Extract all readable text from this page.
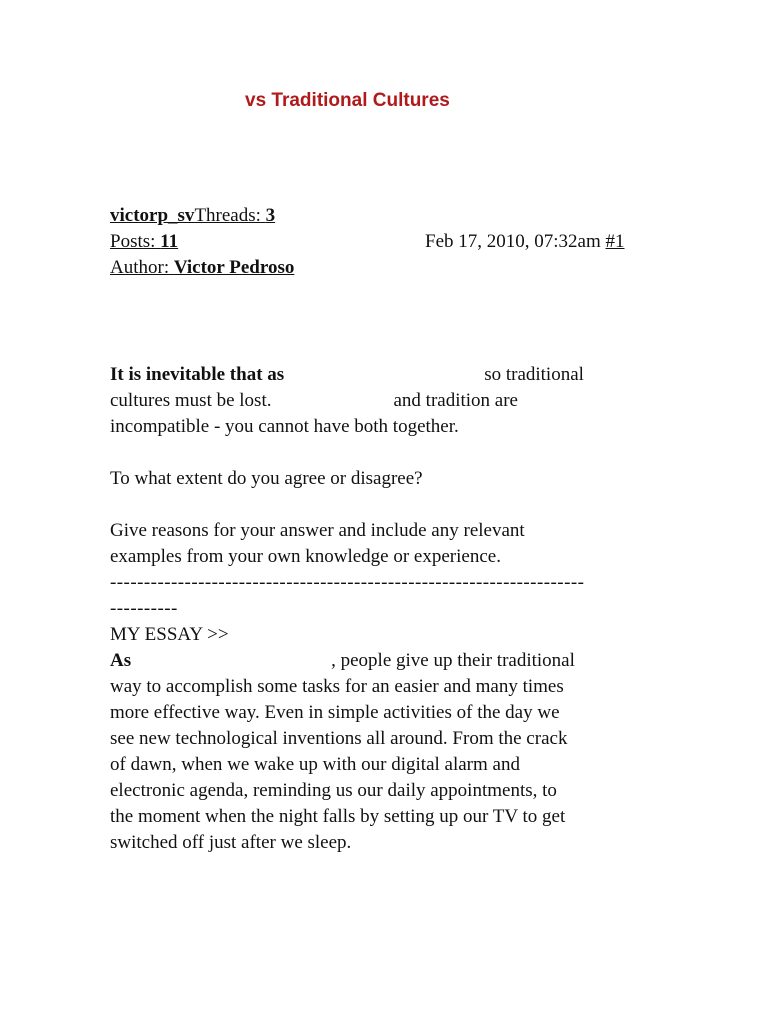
vs Traditional Cultures
victorp_svThreads: 3
Posts: 11	Feb 17, 2010, 07:32am #1
Author: Victor Pedroso
It is inevitable that as	so traditional
cultures must be lost.	and tradition are
incompatible - you cannot have both together.
To what extent do you agree or disagree?
Give reasons for your answer and include any relevant
examples from your own knowledge or experience.
----------------------------------------------------------------------
----------
MY ESSAY >>
As	, people give up their traditional
way to accomplish some tasks for an easier and many times
more effective way. Even in simple activities of the day we
see new technological inventions all around. From the crack
of dawn, when we wake up with our digital alarm and
electronic agenda, reminding us our daily appointments, to
the moment when the night falls by setting up our TV to get
switched off just after we sleep.
